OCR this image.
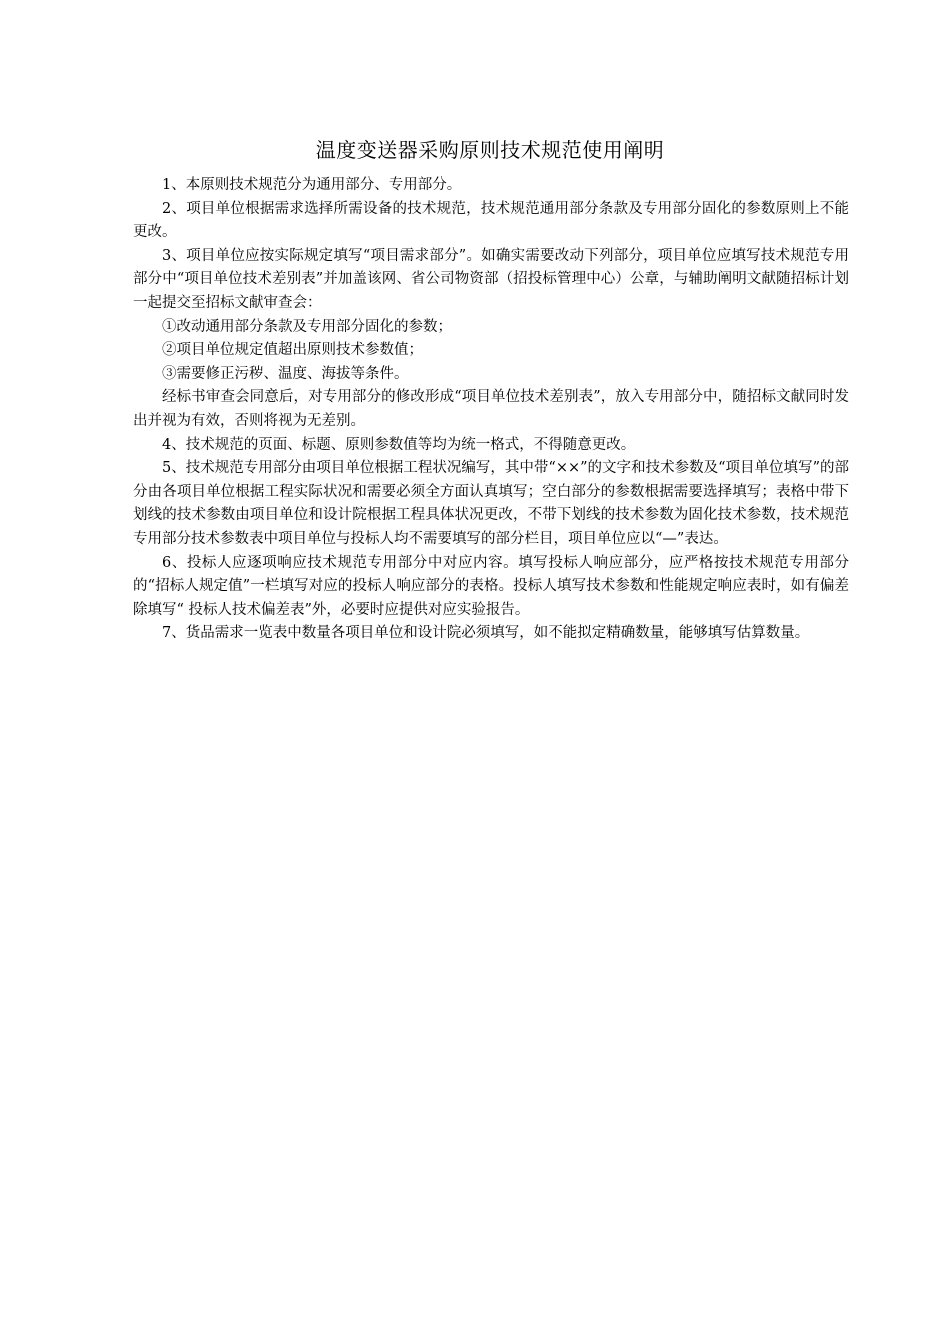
温度变送器采购原则技术规范使用阐明

1、本原则技术规范分为通用部分、专用部分。

2、项目单位根据需求选择所需设备的技术规范，技术规范通用部分条款及专用部分固化的参数原则上不能更改。

3、项目单位应按实际规定填写“项目需求部分”。如确实需要改动下列部分，项目单位应填写技术规范专用部分中“项目单位技术差别表”并加盖该网、省公司物资部（招投标管理中心）公章，与辅助阐明文献随招标计划一起提交至招标文献审查会：

①改动通用部分条款及专用部分固化的参数；

②项目单位规定值超出原则技术参数值；

③需要修正污秽、温度、海拔等条件。

经标书审查会同意后，对专用部分的修改形成“项目单位技术差别表”，放入专用部分中，随招标文献同时发出并视为有效，否则将视为无差别。

4、技术规范的页面、标题、原则参数值等均为统一格式，不得随意更改。

5、技术规范专用部分由项目单位根据工程状况编写，其中带“××”的文字和技术参数及“项目单位填写”的部分由各项目单位根据工程实际状况和需要必须全方面认真填写；空白部分的参数根据需要选择填写；表格中带下划线的技术参数由项目单位和设计院根据工程具体状况更改，不带下划线的技术参数为固化技术参数，技术规范专用部分技术参数表中项目单位与投标人均不需要填写的部分栏目，项目单位应以“—”表达。

6、投标人应逐项响应技术规范专用部分中对应内容。填写投标人响应部分，应严格按技术规范专用部分的“招标人规定值”一栏填写对应的投标人响应部分的表格。投标人填写技术参数和性能规定响应表时，如有偏差除填写“ 投标人技术偏差表”外，必要时应提供对应实验报告。

7、货品需求一览表中数量各项目单位和设计院必须填写，如不能拟定精确数量，能够填写估算数量。
